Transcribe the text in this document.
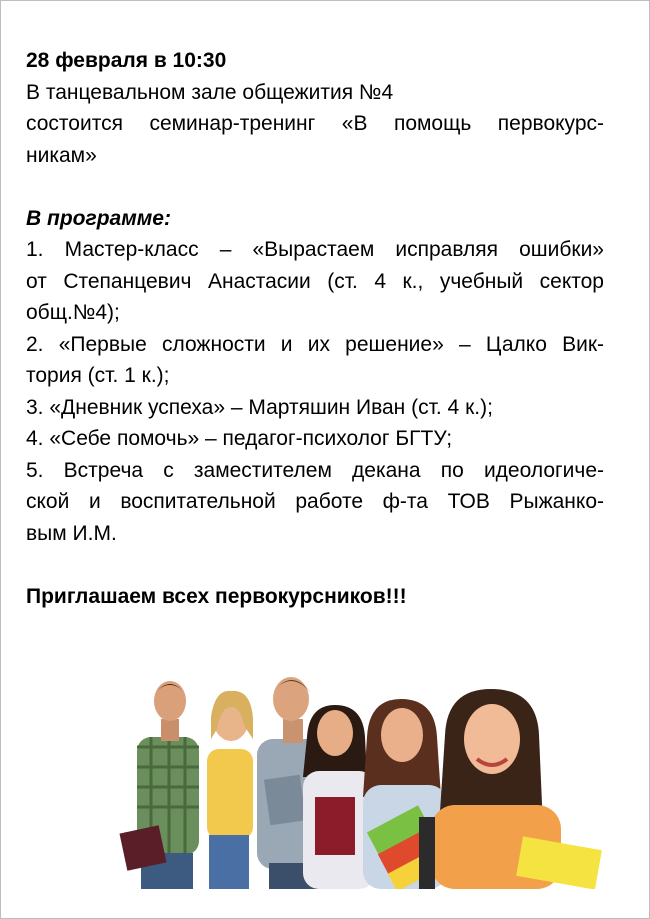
28 февраля в 10:30
В танцевальном зале общежития №4
состоится семинар-тренинг «В помощь первокурс-
никам»
В программе:
1. Мастер-класс – «Вырастаем исправляя ошибки»
от Степанцевич Анастасии (ст. 4 к., учебный сектор
общ.№4);
2. «Первые сложности и их решение» – Цалко Вик-
тория (ст. 1 к.);
3. «Дневник успеха» – Мартяшин Иван (ст. 4 к.);
4. «Себе помочь» – педагог-психолог БГТУ;
5. Встреча с заместителем декана по идеологиче-
ской и воспитательной работе ф-та ТОВ Рыжанко-
вым И.М.
Приглашаем всех первокурсников!!!
